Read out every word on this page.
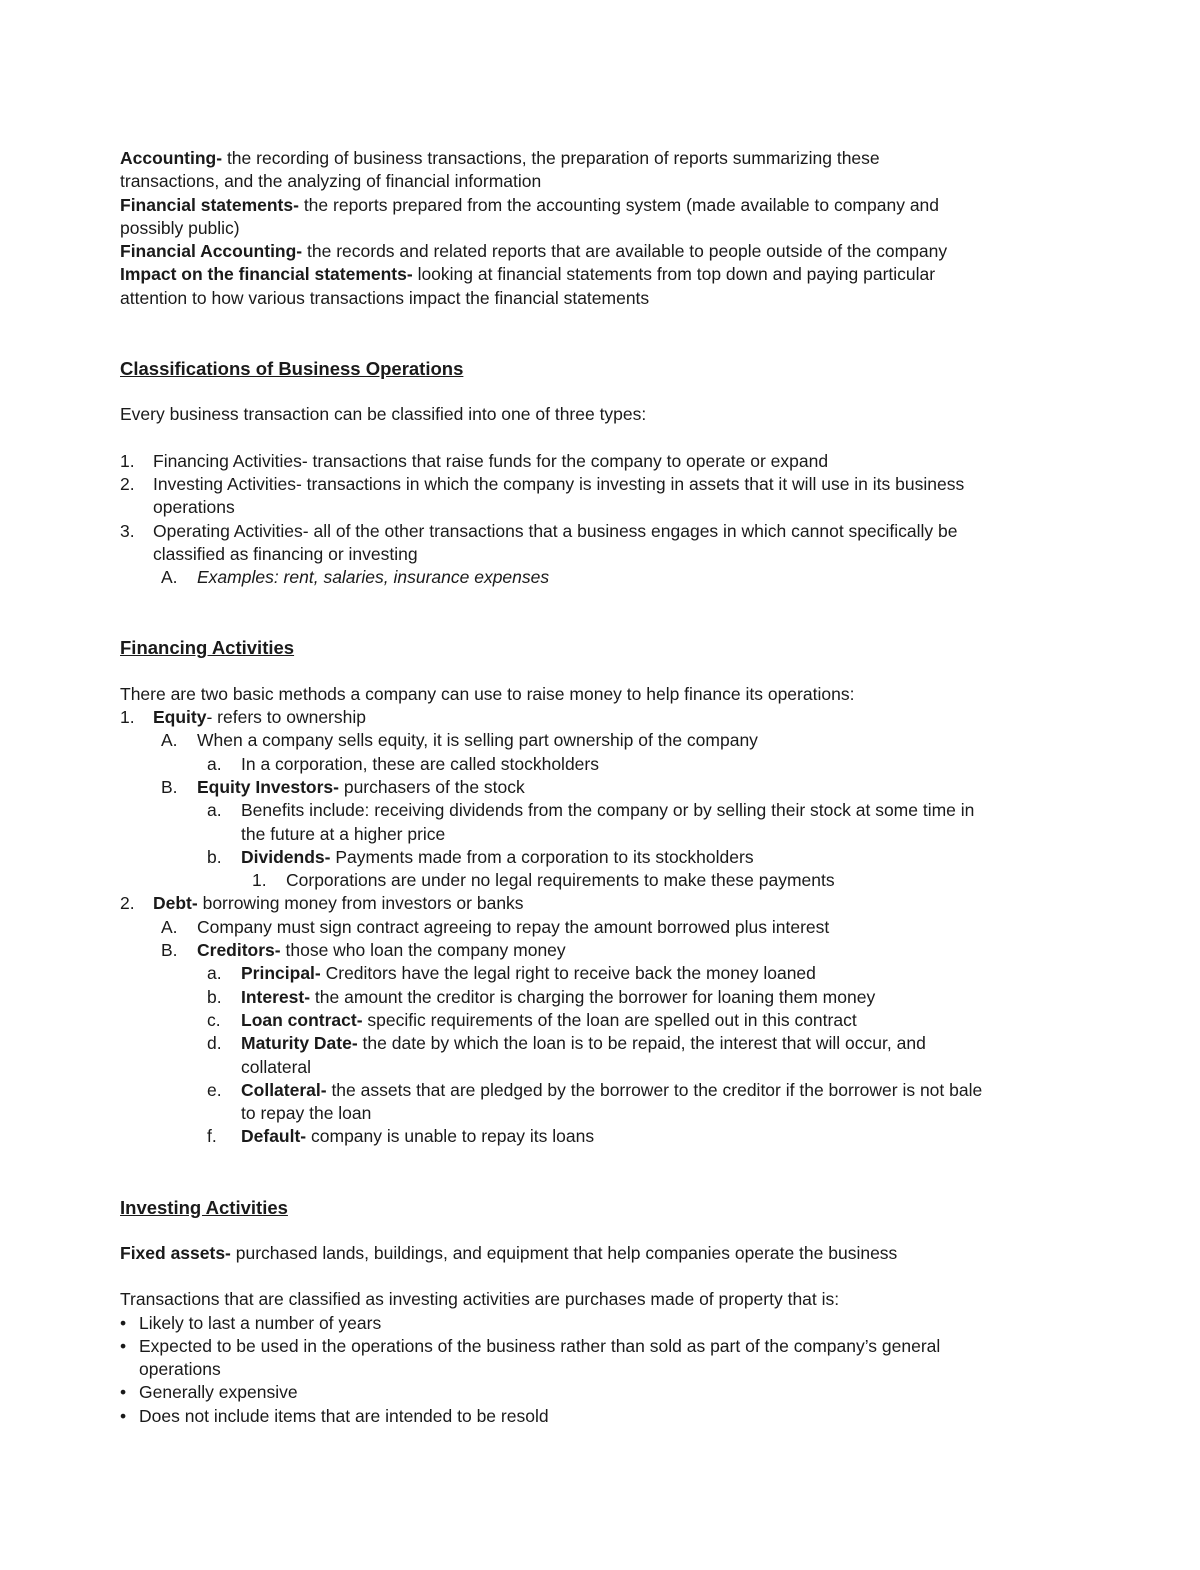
Accounting- the recording of business transactions, the preparation of reports summarizing these
transactions, and the analyzing of financial information
Financial statements- the reports prepared from the accounting system (made available to company and
possibly public)
Financial Accounting- the records and related reports that are available to people outside of the company
Impact on the financial statements- looking at financial statements from top down and paying particular
attention to how various transactions impact the financial statements
Classifications of Business Operations
Every business transaction can be classified into one of three types:
1. Financing Activities- transactions that raise funds for the company to operate or expand
2. Investing Activities- transactions in which the company is investing in assets that it will use in its business
operations
3. Operating Activities- all of the other transactions that a business engages in which cannot specifically be
classified as financing or investing
A. Examples: rent, salaries, insurance expenses
Financing Activities
There are two basic methods a company can use to raise money to help finance its operations:
1. Equity- refers to ownership
A. When a company sells equity, it is selling part ownership of the company
a. In a corporation, these are called stockholders
B. Equity Investors- purchasers of the stock
a. Benefits include: receiving dividends from the company or by selling their stock at some time in
the future at a higher price
b. Dividends- Payments made from a corporation to its stockholders
1. Corporations are under no legal requirements to make these payments
2. Debt- borrowing money from investors or banks
A. Company must sign contract agreeing to repay the amount borrowed plus interest
B. Creditors- those who loan the company money
a. Principal- Creditors have the legal right to receive back the money loaned
b. Interest- the amount the creditor is charging the borrower for loaning them money
c. Loan contract- specific requirements of the loan are spelled out in this contract
d. Maturity Date- the date by which the loan is to be repaid, the interest that will occur, and
collateral
e. Collateral- the assets that are pledged by the borrower to the creditor if the borrower is not bale
to repay the loan
f. Default- company is unable to repay its loans
Investing Activities
Fixed assets- purchased lands, buildings, and equipment that help companies operate the business
Transactions that are classified as investing activities are purchases made of property that is:
• Likely to last a number of years
• Expected to be used in the operations of the business rather than sold as part of the company’s general
operations
• Generally expensive
• Does not include items that are intended to be resold
